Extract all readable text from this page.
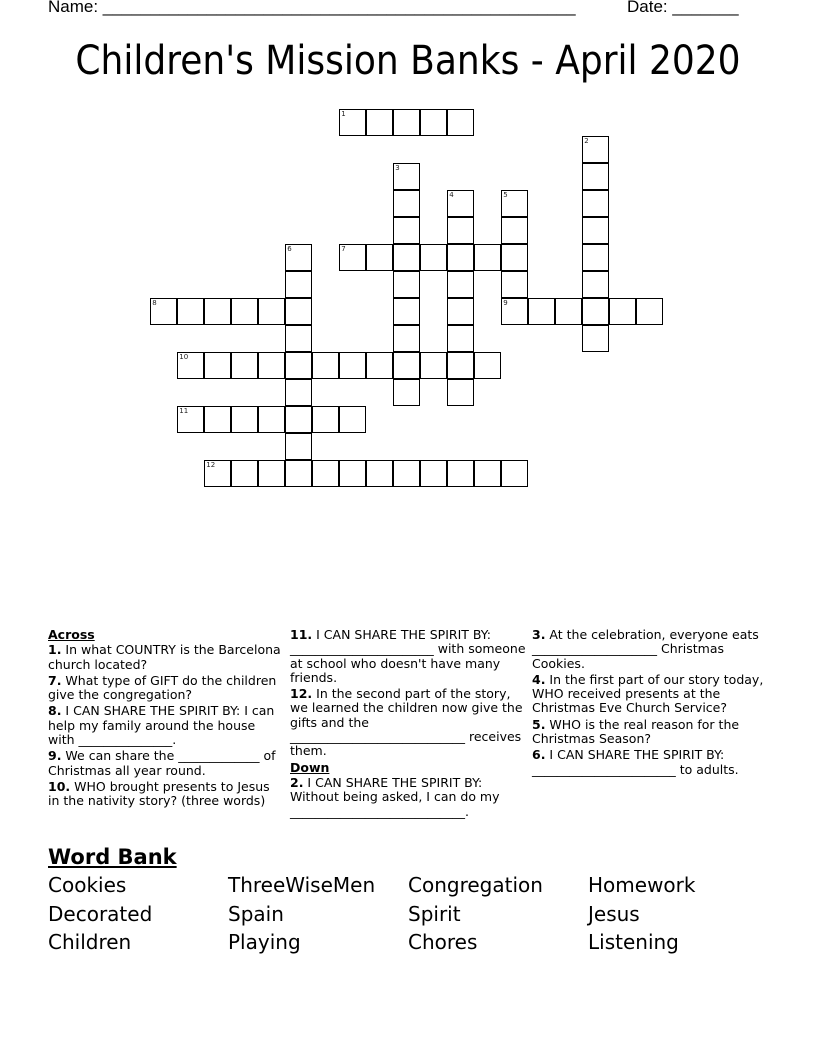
Name: __________________________________________________	Date: _______
Children's Mission Banks - April 2020
1
2
3
4	5
9
6	7
8
10
11
12

Across

1. In what COUNTRY is the Barcelona church located?

7. What type of GIFT do the children give the congregation?

8. I CAN SHARE THE SPIRIT BY: I can help my family around the house with _______________.

9. We can share the _____________ of Christmas all year round.

10. WHO brought presents to Jesus in the nativity story? (three words)

11. I CAN SHARE THE SPIRIT BY: _______________________ with someone at school who doesn't have many friends.

12. In the second part of the story, we learned the children now give the gifts and the ____________________________ receives them.

Down

2. I CAN SHARE THE SPIRIT BY: Without being asked, I can do my ____________________________.

3. At the celebration, everyone eats ____________________ Christmas Cookies.

4. In the first part of our story today, WHO received presents at the Christmas Eve Church Service?

5. WHO is the real reason for the Christmas Season?

6. I CAN SHARE THE SPIRIT BY: _______________________ to adults.

Word Bank
Cookies	ThreeWiseMen	Congregation	Homework
Decorated	Spain	Spirit	Jesus
Children	Playing	Chores	Listening
